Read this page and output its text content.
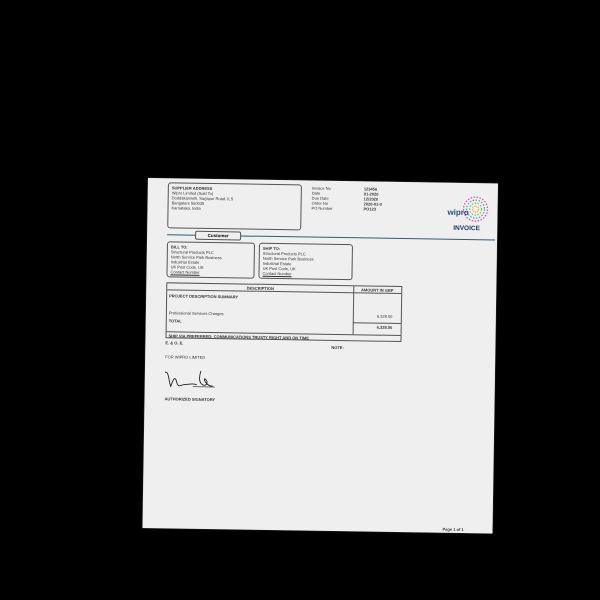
SUPPLIER ADDRESS
Wipro Limited (Sold To)
Doddakannelli, Sarjapur Road, ILS
Bangalore 560035
Karnataka, India
Invoice No	123456
Date	01-2020
Due Date	12/2020
Order No	2020-01-0
PO Number	PO123	wipro
INVOICE
Customer
BILL TO:
Structural Products PLC
North Service Park Business
Industrial Estate
UK Post Code, UK
Contact Number
SHIP TO:
Structural Products PLC
North Service Park Business
Industrial Estate
UK Post Code, UK
Contact Number
DESCRIPTION	AMOUNT IN GBP
PROJECT DESCRIPTION SUMMARY
Professional Services Charges
6,328.00
TOTAL
6,328.00
SHIP VIA PREFERRED: COMMUNICATIONS TRUSTY RIGHT AND ON TIME
E. & O. E.
NOTE:
FOR WIPRO LIMITED
AUTHORIZED SIGNATORY
Page 1 of 1
